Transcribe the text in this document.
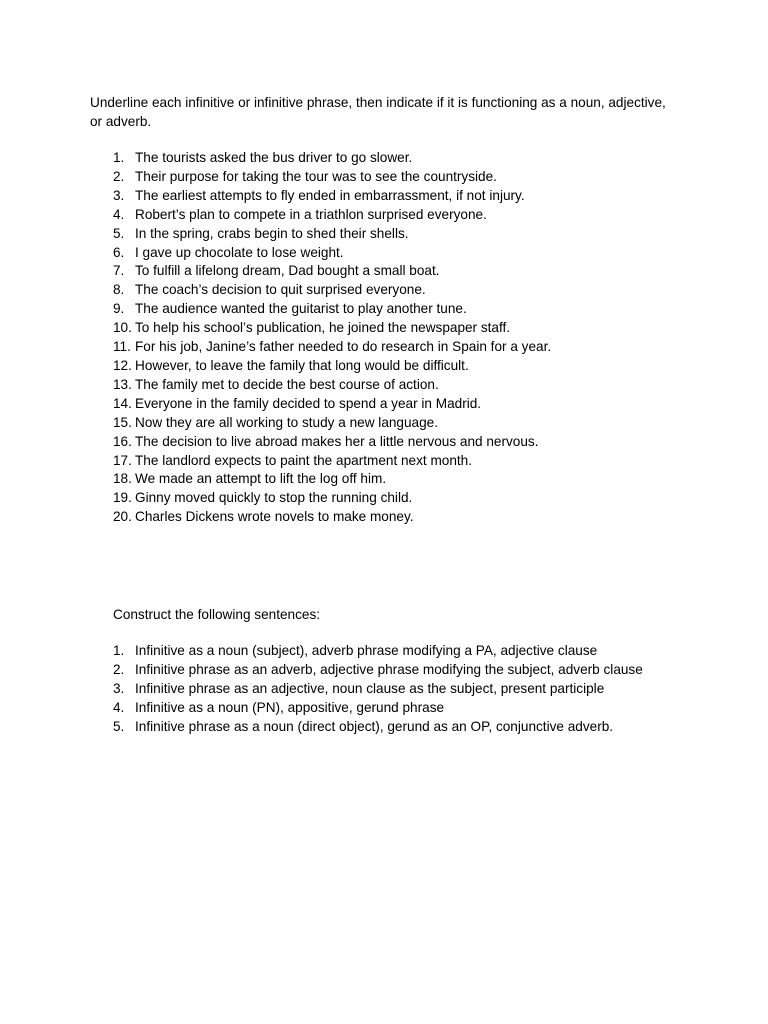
Underline each infinitive or infinitive phrase, then indicate if it is functioning as a noun, adjective, or adverb.
1. The tourists asked the bus driver to go slower.
2. Their purpose for taking the tour was to see the countryside.
3. The earliest attempts to fly ended in embarrassment, if not injury.
4. Robert’s plan to compete in a triathlon surprised everyone.
5. In the spring, crabs begin to shed their shells.
6. I gave up chocolate to lose weight.
7. To fulfill a lifelong dream, Dad bought a small boat.
8. The coach’s decision to quit surprised everyone.
9. The audience wanted the guitarist to play another tune.
10. To help his school’s publication, he joined the newspaper staff.
11. For his job, Janine’s father needed to do research in Spain for a year.
12. However, to leave the family that long would be difficult.
13. The family met to decide the best course of action.
14. Everyone in the family decided to spend a year in Madrid.
15. Now they are all working to study a new language.
16. The decision to live abroad makes her a little nervous and nervous.
17. The landlord expects to paint the apartment next month.
18. We made an attempt to lift the log off him.
19. Ginny moved quickly to stop the running child.
20. Charles Dickens wrote novels to make money.
Construct the following sentences:
1. Infinitive as a noun (subject), adverb phrase modifying a PA, adjective clause
2. Infinitive phrase as an adverb, adjective phrase modifying the subject, adverb clause
3. Infinitive phrase as an adjective, noun clause as the subject, present participle
4. Infinitive as a noun (PN), appositive, gerund phrase
5. Infinitive phrase as a noun (direct object), gerund as an OP, conjunctive adverb.
